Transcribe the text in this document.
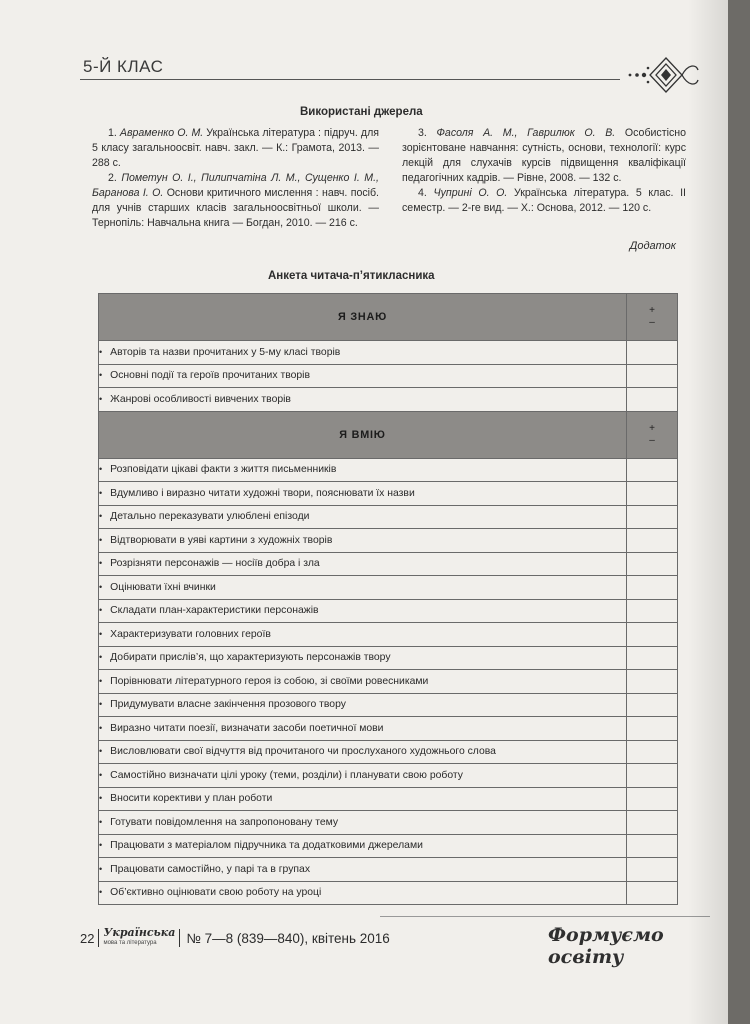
5-Й КЛАС
Використані джерела

1. Авраменко О. М. Українська література : підруч. для 5 класу загальноосвіт. навч. закл. — К.: Грамота, 2013. — 288 с.

2. Пометун О. І., Пилипчатіна Л. М., Сущенко І. М., Баранова І. О. Основи критичного мислення : навч. посіб. для учнів старших класів загальноосвітньої школи. — Тернопіль: Навчальна книга — Богдан, 2010. — 216 с.

3. Фасоля А. М., Гаврилюк О. В. Особистісно зорієнтоване навчання: сутність, основи, технології: курс лекцій для слухачів курсів підвищення кваліфікації педагогічних кадрів. — Рівне, 2008. — 132 с.

4. Чуприні О. О. Українська література. 5 клас. II семестр. — 2-ге вид. — Х.: Основа, 2012. — 120 с.

Додаток
Анкета читача-п’ятикласника
Я ЗНАЮ	+
–

• Авторів та назви прочитаних у 5-му класі творів	
• Основні події та героїв прочитаних творів	
• Жанрові особливості вивчених творів	
Я ВМІЮ	+
–

• Розповідати цікаві факти з життя письменників	
• Вдумливо і виразно читати художні твори, пояснювати їх назви	
• Детально переказувати улюблені епізоди	
• Відтворювати в уяві картини з художніх творів	
• Розрізняти персонажів — носіїв добра і зла	
• Оцінювати їхні вчинки	
• Складати план-характеристики персонажів	
• Характеризувати головних героїв	
• Добирати прислів’я, що характеризують персонажів твору	
• Порівнювати літературного героя із собою, зі своїми ровесниками	
• Придумувати власне закінчення прозового твору	
• Виразно читати поезії, визначати засоби поетичної мови	
• Висловлювати свої відчуття від прочитаного чи прослуханого художнього слова	
• Самостійно визначати цілі уроку (теми, розділи) і планувати свою роботу	
• Вносити корективи у план роботи	
• Готувати повідомлення на запропоновану тему	
• Працювати з матеріалом підручника та додатковими джерелами	
• Працювати самостійно, у парі та в групах	
• Об’єктивно оцінювати свою роботу на уроці	
22 Українська
мова та література	№ 7—8 (839—840), квітень 2016	Формуємо освіту
